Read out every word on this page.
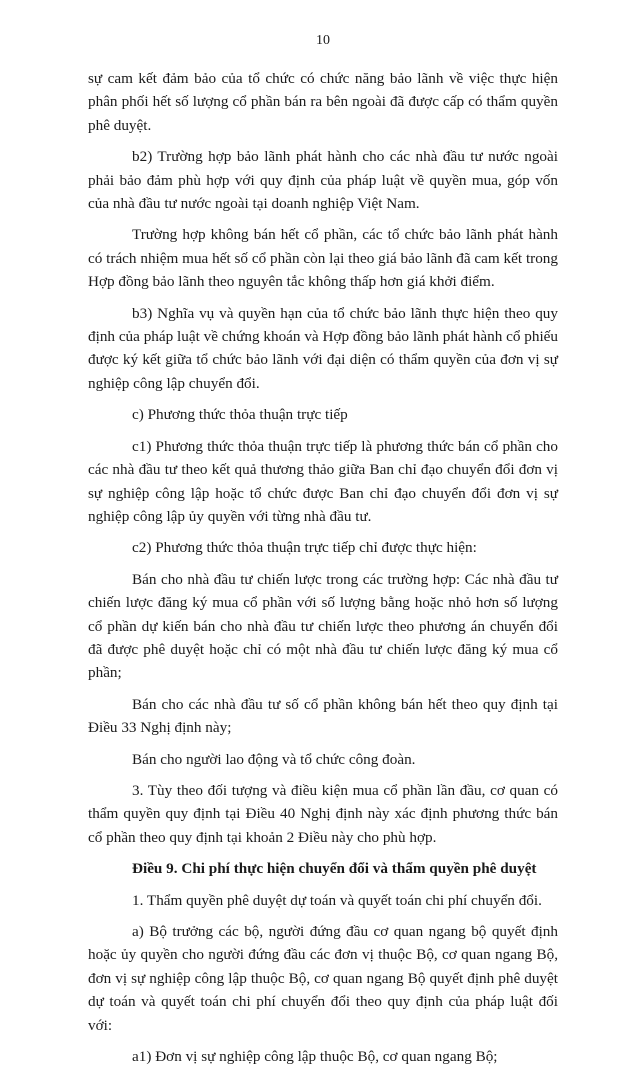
10

sự cam kết đảm bảo của tổ chức có chức năng bảo lãnh về việc thực hiện phân phối hết số lượng cổ phần bán ra bên ngoài đã được cấp có thẩm quyền phê duyệt.

b2) Trường hợp bảo lãnh phát hành cho các nhà đầu tư nước ngoài phải bảo đảm phù hợp với quy định của pháp luật về quyền mua, góp vốn của nhà đầu tư nước ngoài tại doanh nghiệp Việt Nam.

Trường hợp không bán hết cổ phần, các tổ chức bảo lãnh phát hành có trách nhiệm mua hết số cổ phần còn lại theo giá bảo lãnh đã cam kết trong Hợp đồng bảo lãnh theo nguyên tắc không thấp hơn giá khởi điểm.

b3) Nghĩa vụ và quyền hạn của tổ chức bảo lãnh thực hiện theo quy định của pháp luật về chứng khoán và Hợp đồng bảo lãnh phát hành cổ phiếu được ký kết giữa tổ chức bảo lãnh với đại diện có thẩm quyền của đơn vị sự nghiệp công lập chuyển đổi.

c) Phương thức thỏa thuận trực tiếp

c1) Phương thức thỏa thuận trực tiếp là phương thức bán cổ phần cho các nhà đầu tư theo kết quả thương thảo giữa Ban chỉ đạo chuyển đổi đơn vị sự nghiệp công lập hoặc tổ chức được Ban chỉ đạo chuyển đổi đơn vị sự nghiệp công lập ủy quyền với từng nhà đầu tư.

c2) Phương thức thỏa thuận trực tiếp chỉ được thực hiện:

Bán cho nhà đầu tư chiến lược trong các trường hợp: Các nhà đầu tư chiến lược đăng ký mua cổ phần với số lượng bằng hoặc nhỏ hơn số lượng cổ phần dự kiến bán cho nhà đầu tư chiến lược theo phương án chuyển đổi đã được phê duyệt hoặc chỉ có một nhà đầu tư chiến lược đăng ký mua cổ phần;

Bán cho các nhà đầu tư số cổ phần không bán hết theo quy định tại Điều 33 Nghị định này;

Bán cho người lao động và tổ chức công đoàn.

3. Tùy theo đối tượng và điều kiện mua cổ phần lần đầu, cơ quan có thẩm quyền quy định tại Điều 40 Nghị định này xác định phương thức bán cổ phần theo quy định tại khoản 2 Điều này cho phù hợp.

Điều 9. Chi phí thực hiện chuyển đổi và thẩm quyền phê duyệt

1. Thẩm quyền phê duyệt dự toán và quyết toán chi phí chuyển đổi.

a) Bộ trưởng các bộ, người đứng đầu cơ quan ngang bộ quyết định hoặc ủy quyền cho người đứng đầu các đơn vị thuộc Bộ, cơ quan ngang Bộ, đơn vị sự nghiệp công lập thuộc Bộ, cơ quan ngang Bộ quyết định phê duyệt dự toán và quyết toán chi phí chuyển đổi theo quy định của pháp luật đối với:

a1) Đơn vị sự nghiệp công lập thuộc Bộ, cơ quan ngang Bộ;
